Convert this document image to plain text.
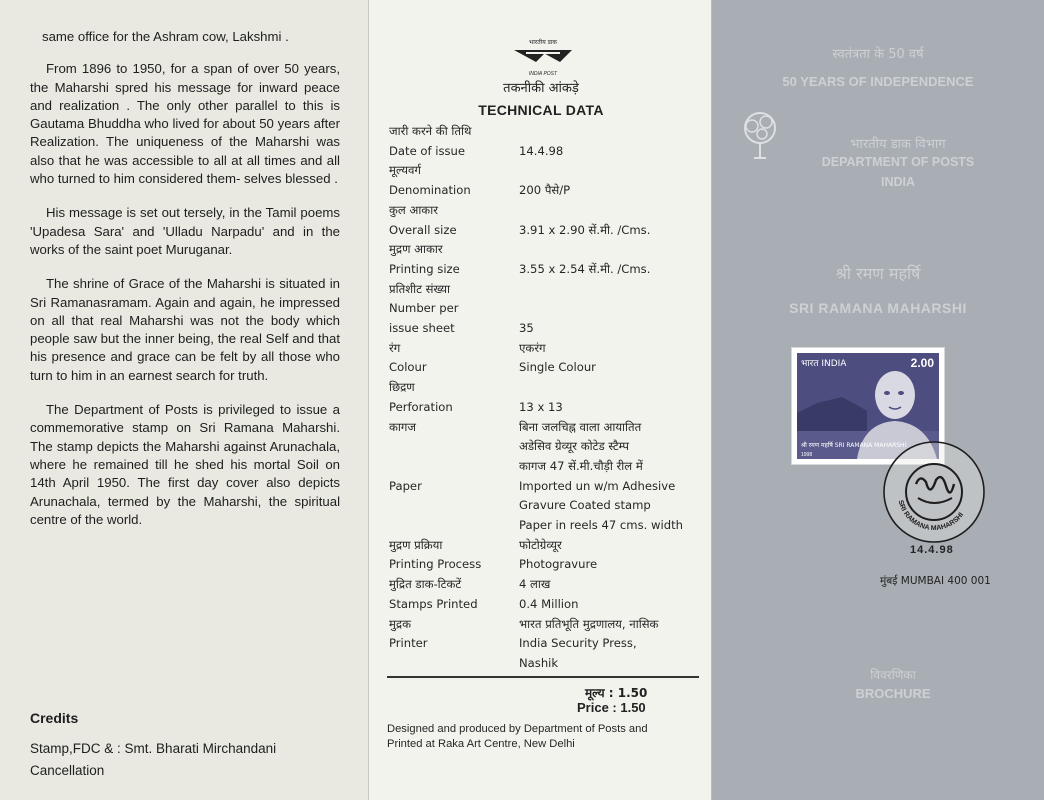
same office for the Ashram cow, Lakshmi .

From 1896 to 1950, for a span of over 50 years, the Maharshi spred his message for inward peace and realization . The only other parallel to this is Gautama Bhuddha who lived for about 50 years after Realization. The uniqueness of the Maharshi was also that he was accessible to all at all times and all who turned to him considered them- selves blessed .

His message is set out tersely, in the Tamil poems 'Upadesa Sara' and 'Ulladu Narpadu' and in the works of the saint poet Muruganar.

The shrine of Grace of the Maharshi is situated in Sri Ramanasramam. Again and again, he impressed on all that real Maharshi was not the body which people saw but the inner being, the real Self and that his presence and grace can be felt by all those who turn to him in an earnest search for truth.

The Department of Posts is privileged to issue a commemorative stamp on Sri Ramana Maharshi. The stamp depicts the Maharshi against Arunachala, where he remained till he shed his mortal Soil on 14th April 1950. The first day cover also depicts Arunachala, termed by the Maharshi, the spiritual centre of the world.

Credits
Stamp,FDC & : Smt. Bharati Mirchandani
Cancellation
भारतीय डाक
INDIA POST
तकनीकी आंकड़े
TECHNICAL DATA
जारी करने की तिथि
Date of issue	14.4.98
मूल्यवर्ग
Denomination	200 पैसे/P
कुल आकार
Overall size	3.91 x 2.90 सें.मी. /Cms.
मुद्रण आकार
Printing size	3.55 x 2.54 सें.मी. /Cms.
प्रतिशीट संख्या
Number per
issue sheet	35
रंग	एकरंग
Colour	Single Colour
छिद्रण
Perforation	13 x 13
कागज	बिना जलचिह्न वाला आयातित
अडेसिव ग्रेव्यूर कोटेड स्टैम्प
कागज 47 सें.मी.चौड़ी रील में
Paper	Imported un w/m Adhesive
Gravure Coated stamp
Paper in reels 47 cms. width
मुद्रण प्रक्रिया	फोटोग्रेव्यूर
Printing Process	Photogravure
मुद्रित डाक-टिकटें	4 लाख
Stamps Printed	0.4 Million
मुद्रक	भारत प्रतिभूति मुद्रणालय, नासिक
Printer	India Security Press,
Nashik
मूल्य : 1.50
Price : 1.50
Designed and produced by Department of Posts and
Printed at Raka Art Centre, New Delhi
स्वतंत्रता के 50 वर्ष
50 YEARS OF INDEPENDENCE
भारतीय डाक विभाग
DEPARTMENT OF POSTS
INDIA
श्री रमण महर्षि
SRI RAMANA MAHARSHI
भारत INDIA	2.00
श्री रमण महर्षि SRI RAMANA MAHARSHI
1998
SRI RAMANA MAHARSHI
14.4.98
मुंबई MUMBAI 400 001
विवरणिका
BROCHURE
